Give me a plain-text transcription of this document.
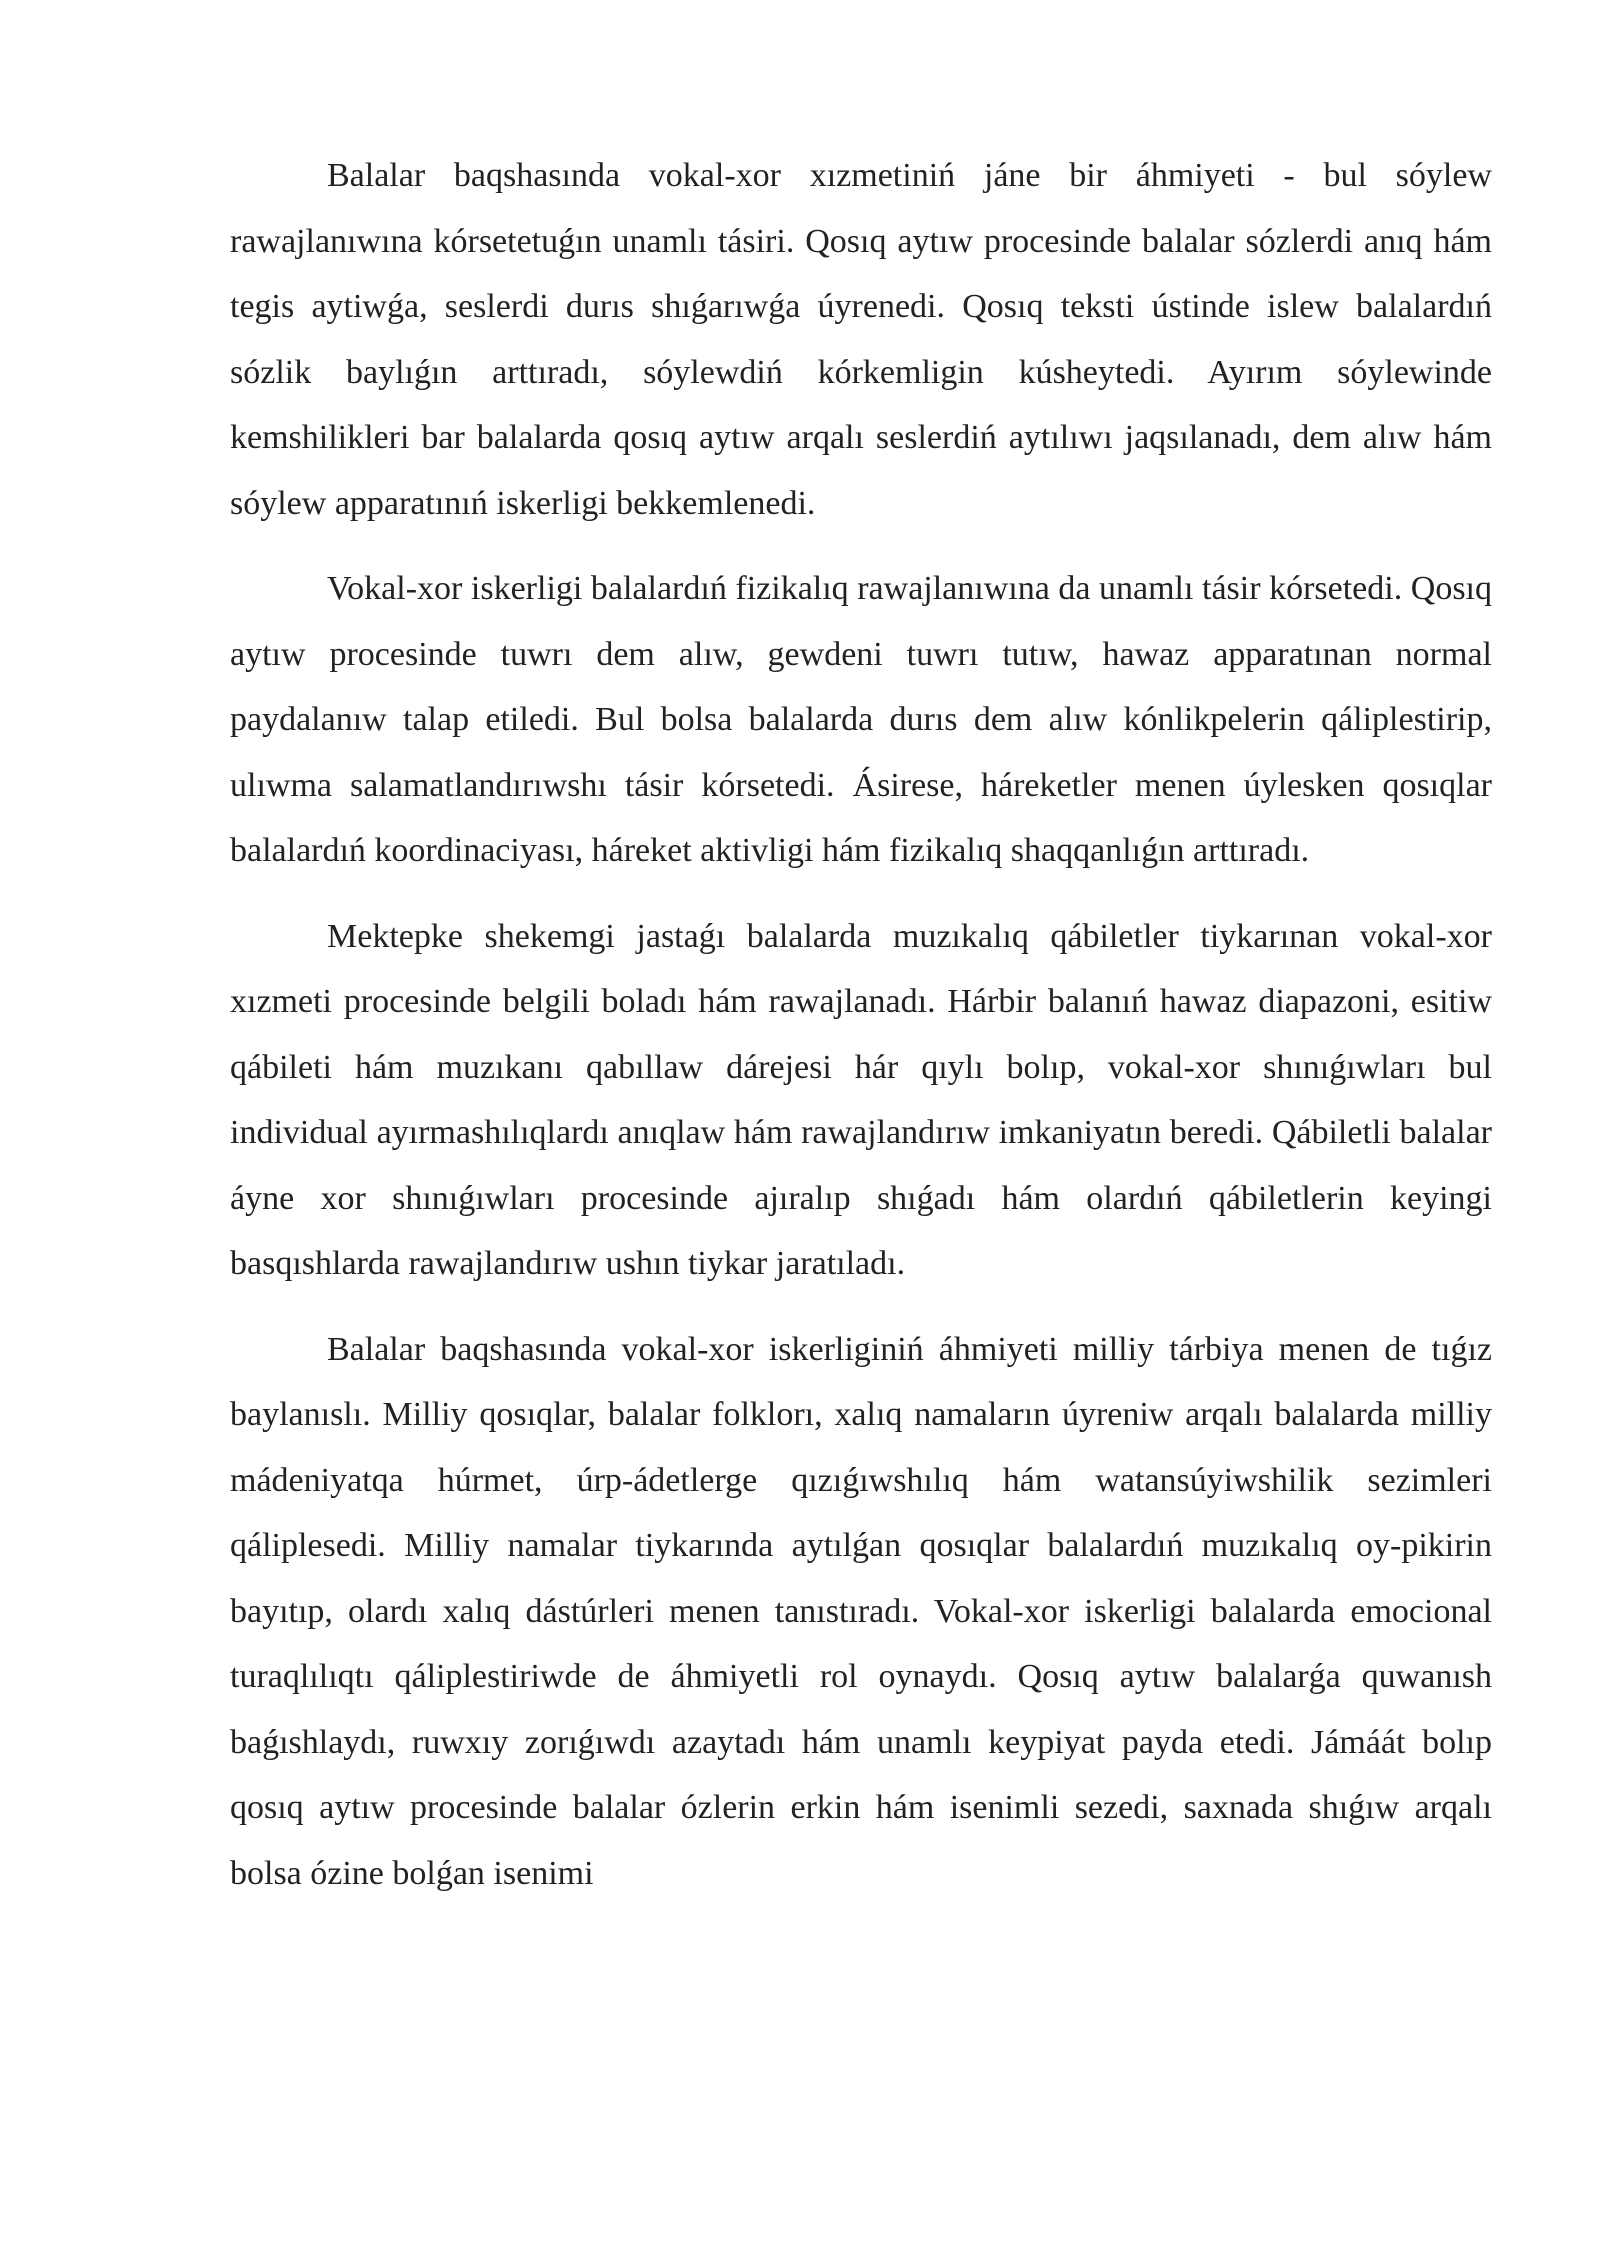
Balalar baqshasında vokal-xor xızmetiniń jáne bir áhmiyeti - bul sóylew rawajlanıwına kórsetetuǵın unamlı tásiri. Qosıq aytıw procesinde balalar sózlerdi anıq hám tegis aytiwǵa, seslerdi durıs shıǵarıwǵa úyrenedi. Qosıq teksti ústinde islew balalardıń sózlik baylıǵın arttıradı, sóylewdiń kórkemligin kúsheytedi. Ayırım sóylewinde kemshilikleri bar balalarda qosıq aytıw arqalı seslerdiń aytılıwı jaqsılanadı, dem alıw hám sóylew apparatınıń iskerligi bekkemlenedi.

Vokal-xor iskerligi balalardıń fizikalıq rawajlanıwına da unamlı tásir kórsetedi. Qosıq aytıw procesinde tuwrı dem alıw, gewdeni tuwrı tutıw, hawaz apparatınan normal paydalanıw talap etiledi. Bul bolsa balalarda durıs dem alıw kónlikpelerin qáliplestirip, ulıwma salamatlandırıwshı tásir kórsetedi. Ásirese, háreketler menen úylesken qosıqlar balalardıń koordinaciyası, háreket aktivligi hám fizikalıq shaqqanlıǵın arttıradı.

Mektepke shekemgi jastaǵı balalarda muzıkalıq qábiletler tiykarınan vokal-xor xızmeti procesinde belgili boladı hám rawajlanadı. Hárbir balanıń hawaz diapazoni, esitiw qábileti hám muzıkanı qabıllaw dárejesi hár qıylı bolıp, vokal-xor shınıǵıwları bul individual ayırmashılıqlardı anıqlaw hám rawajlandırıw imkaniyatın beredi. Qábiletli balalar áyne xor shınıǵıwları procesinde ajıralıp shıǵadı hám olardıń qábiletlerin keyingi basqıshlarda rawajlandırıw ushın tiykar jaratıladı.

Balalar baqshasında vokal-xor iskerliginiń áhmiyeti milliy tárbiya menen de tıǵız baylanıslı. Milliy qosıqlar, balalar folklorı, xalıq namaların úyreniw arqalı balalarda milliy mádeniyatqa húrmet, úrp-ádetlerge qızıǵıwshılıq hám watansúyiwshilik sezimleri qáliplesedi. Milliy namalar tiykarında aytılǵan qosıqlar balalardıń muzıkalıq oy-pikirin bayıtıp, olardı xalıq dástúrleri menen tanıstıradı. Vokal-xor iskerligi balalarda emocional turaqlılıqtı qáliplestiriwde de áhmiyetli rol oynaydı. Qosıq aytıw balalarǵa quwanısh baǵıshlaydı, ruwxıy zorıǵıwdı azaytadı hám unamlı keypiyat payda etedi. Jámáát bolıp qosıq aytıw procesinde balalar ózlerin erkin hám isenimli sezedi, saxnada shıǵıw arqalı bolsa ózine bolǵan isenimi
